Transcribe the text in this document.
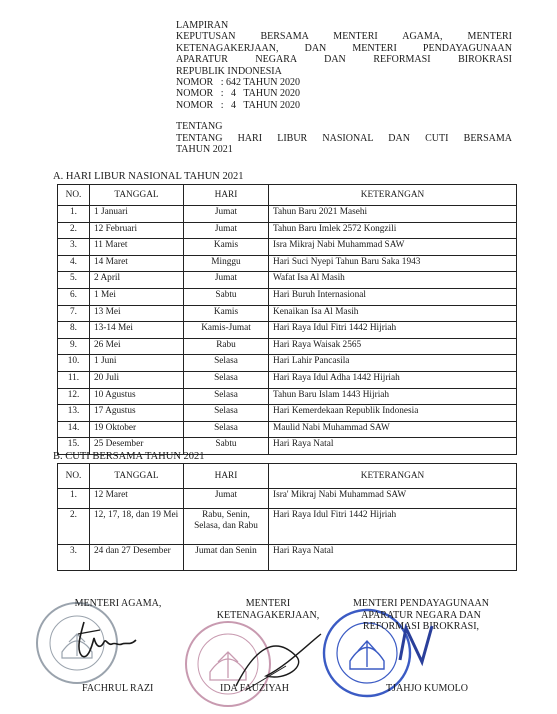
LAMPIRAN
KEPUTUSAN BERSAMA MENTERI AGAMA, MENTERI
KETENAGAKERJAAN, DAN MENTERI PENDAYAGUNAAN
APARATUR NEGARA DAN REFORMASI BIROKRASI
REPUBLIK INDONESIA
NOMOR   : 642 TAHUN 2020
NOMOR   :   4   TAHUN 2020
NOMOR   :   4   TAHUN 2020
TENTANG
TENTANG HARI LIBUR NASIONAL DAN CUTI BERSAMA
TAHUN 2021
A. HARI LIBUR NASIONAL TAHUN 2021
NO.	TANGGAL	HARI	KETERANGAN
1.	1 Januari	Jumat	Tahun Baru 2021 Masehi
2.	12 Februari	Jumat	Tahun Baru Imlek 2572 Kongzili
3.	11 Maret	Kamis	Isra Mikraj Nabi Muhammad SAW
4.	14 Maret	Minggu	Hari Suci Nyepi Tahun Baru Saka 1943
5.	2 April	Jumat	Wafat Isa Al Masih
6.	1 Mei	Sabtu	Hari Buruh Internasional
7.	13 Mei	Kamis	Kenaikan Isa Al Masih
8.	13-14 Mei	Kamis-Jumat	Hari Raya Idul Fitri 1442 Hijriah
9.	26 Mei	Rabu	Hari Raya Waisak 2565
10.	1 Juni	Selasa	Hari Lahir Pancasila
11.	20 Juli	Selasa	Hari Raya Idul Adha 1442 Hijriah
12.	10 Agustus	Selasa	Tahun Baru Islam 1443 Hijriah
13.	17 Agustus	Selasa	Hari Kemerdekaan Republik Indonesia
14.	19 Oktober	Selasa	Maulid Nabi Muhammad SAW
15.	25 Desember	Sabtu	Hari Raya Natal
B. CUTI BERSAMA TAHUN 2021
NO.	TANGGAL	HARI	KETERANGAN
1.	12 Maret	Jumat	Isra' Mikraj Nabi Muhammad SAW
2.	12, 17, 18, dan 19 Mei	Rabu, Senin, Selasa, dan Rabu	Hari Raya Idul Fitri 1442 Hijriah
3.	24 dan 27 Desember	Jumat dan Senin	Hari Raya Natal
MENTERI AGAMA,
FACHRUL RAZI
MENTERI
KETENAGAKERJAAN,
IDA FAUZIYAH
MENTERI PENDAYAGUNAAN
APARATUR NEGARA DAN
REFORMASI BIROKRASI,
TJAHJO KUMOLO
